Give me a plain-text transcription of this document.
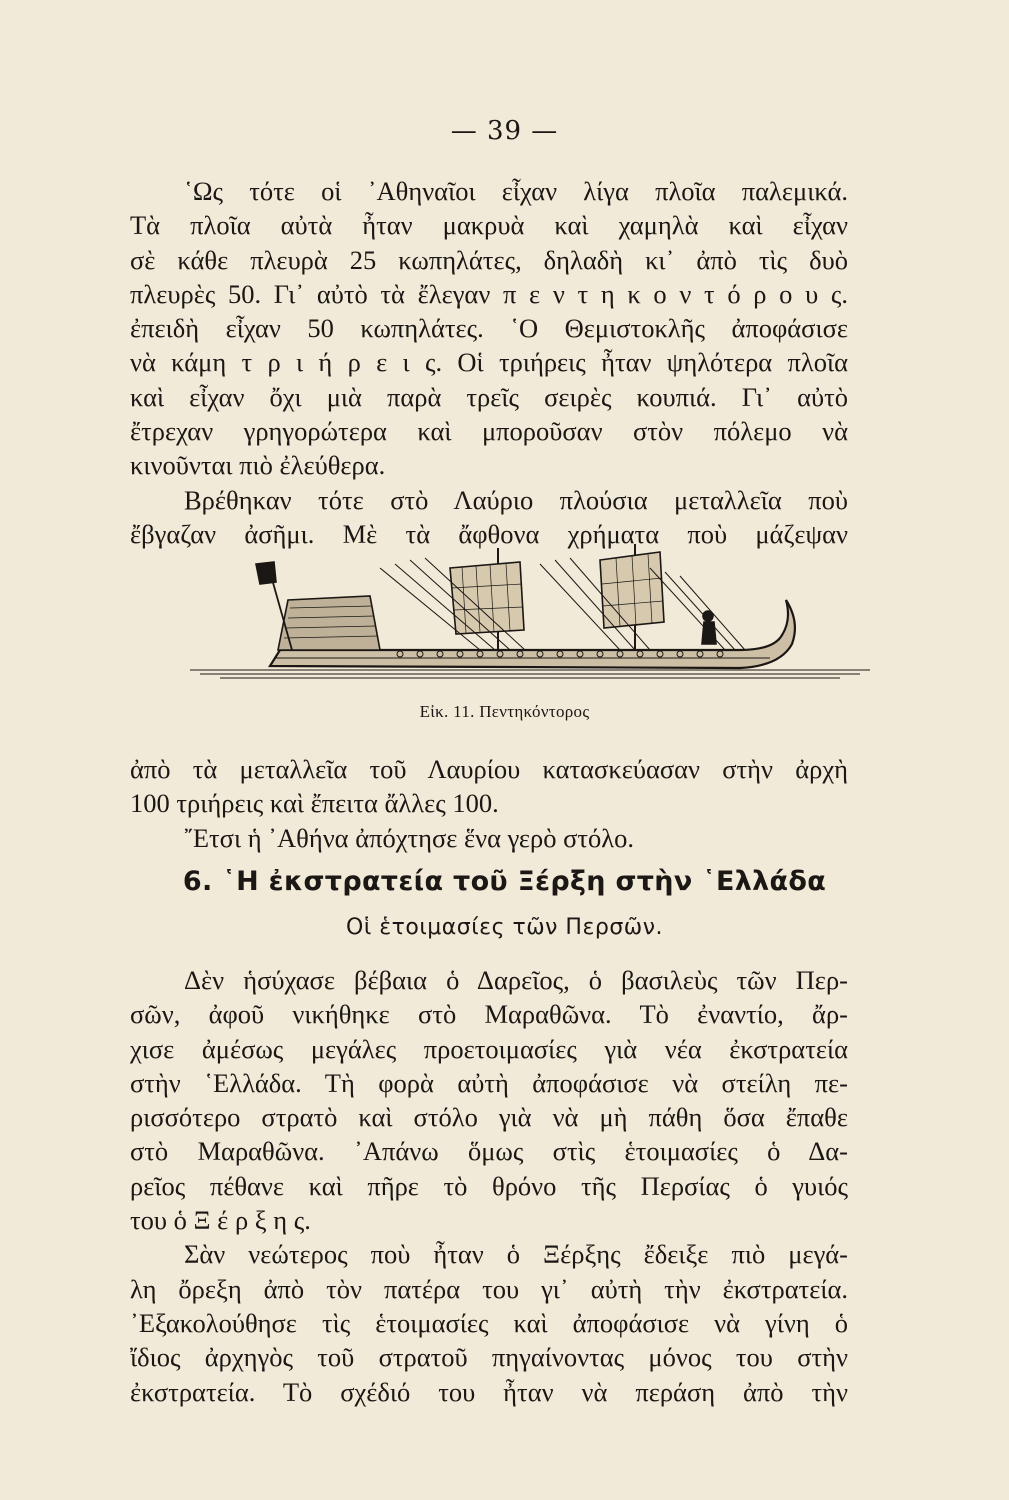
— 39 —
῾Ως τότε οἱ ᾿Αθηναῖοι εἶχαν λίγα πλοῖα παλεμικά.
Τὰ πλοῖα αὐτὰ ἦταν μακρυὰ καὶ χαμηλὰ καὶ εἶχαν
σὲ κάθε πλευρὰ 25 κωπηλάτες, δηλαδὴ κι᾿ ἀπὸ τὶς δυὸ
πλευρὲς 50. Γι᾿ αὐτὸ τὰ ἔλεγαν π ε ν τ η κ ο ν τ ό ρ ο υ ς.
ἐπειδὴ εἶχαν 50 κωπηλάτες. ῾Ο Θεμιστοκλῆς ἀποφάσισε
νὰ κάμη τ ρ ι ή ρ ε ι ς. Οἱ τριήρεις ἦταν ψηλότερα πλοῖα
καὶ εἶχαν ὄχι μιὰ παρὰ τρεῖς σειρὲς κουπιά. Γι᾿ αὐτὸ
ἔτρεχαν γρηγορώτερα καὶ μποροῦσαν στὸν πόλεμο νὰ
κινοῦνται πιὸ ἐλεύθερα.
Βρέθηκαν τότε στὸ Λαύριο πλούσια μεταλλεῖα ποὺ
ἔβγαζαν ἀσῆμι. Μὲ τὰ ἄφθονα χρήματα ποὺ μάζεψαν
Εἰκ. 11. Πεντηκόντορος
ἀπὸ τὰ μεταλλεῖα τοῦ Λαυρίου κατασκεύασαν στὴν ἀρχὴ
100 τριήρεις καὶ ἔπειτα ἄλλες 100.
῎Ετσι ἡ ᾿Αθήνα ἀπόχτησε ἕνα γερὸ στόλο.
6. ῾Η ἐκστρατεία τοῦ Ξέρξη στὴν ῾Ελλάδα
Οἱ ἑτοιμασίες τῶν Περσῶν.
Δὲν ἡσύχασε βέβαια ὁ Δαρεῖος, ὁ βασιλεὺς τῶν Περ-
σῶν, ἀφοῦ νικήθηκε στὸ Μαραθῶνα. Τὸ ἐναντίο, ἄρ-
χισε ἀμέσως μεγάλες προετοιμασίες γιὰ νέα ἐκστρατεία
στὴν ῾Ελλάδα. Τὴ φορὰ αὐτὴ ἀποφάσισε νὰ στείλη πε-
ρισσότερο στρατὸ καὶ στόλο γιὰ νὰ μὴ πάθη ὅσα ἔπαθε
στὸ Μαραθῶνα. ᾿Απάνω ὅμως στὶς ἑτοιμασίες ὁ Δα-
ρεῖος πέθανε καὶ πῆρε τὸ θρόνο τῆς Περσίας ὁ γυιός
του ὁ Ξ έ ρ ξ η ς.
Σὰν νεώτερος ποὺ ἦταν ὁ Ξέρξης ἔδειξε πιὸ μεγά-
λη ὄρεξη ἀπὸ τὸν πατέρα του γι᾿ αὐτὴ τὴν ἐκστρατεία.
᾿Εξακολούθησε τὶς ἑτοιμασίες καὶ ἀποφάσισε νὰ γίνη ὁ
ἴδιος ἀρχηγὸς τοῦ στρατοῦ πηγαίνοντας μόνος του στὴν
ἐκστρατεία. Τὸ σχέδιό του ἦταν νὰ περάση ἀπὸ τὴν
